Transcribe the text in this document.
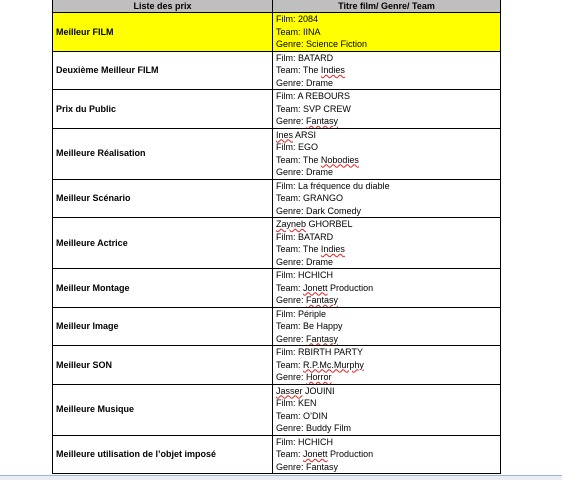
Liste des prix	Titre film/ Genre/ Team
Meilleur FILM	Film: 2084
Team: IINA
Genre: Science Fiction

Deuxième Meilleur FILM	Film: BATARD
Team: The Indies
Genre: Drame

Prix du Public	Film: A REBOURS
Team: SVP CREW
Genre: Fantasy

Meilleure Réalisation	Ines ARSI
Film: EGO
Team: The Nobodies
Genre: Drame

Meilleur Scénario	Film: La fréquence du diable
Team: GRANGO
Genre: Dark Comedy

Meilleure Actrice	Zayneb GHORBEL
Film: BATARD
Team: The Indies
Genre: Drame

Meilleur Montage	Film: HCHICH
Team: Jonett Production
Genre: Fantasy

Meilleur Image	Film: Périple
Team: Be Happy
Genre: Fantasy

Meilleur SON	Film: RBIRTH PARTY
Team: R.P.Mc.Murphy
Genre: Horror

Meilleure Musique	Jasser JOUINI
Film: KEN
Team: O’DIN
Genre: Buddy Film

Meilleure utilisation de l’objet imposé	Film: HCHICH
Team: Jonett Production
Genre: Fantasy
